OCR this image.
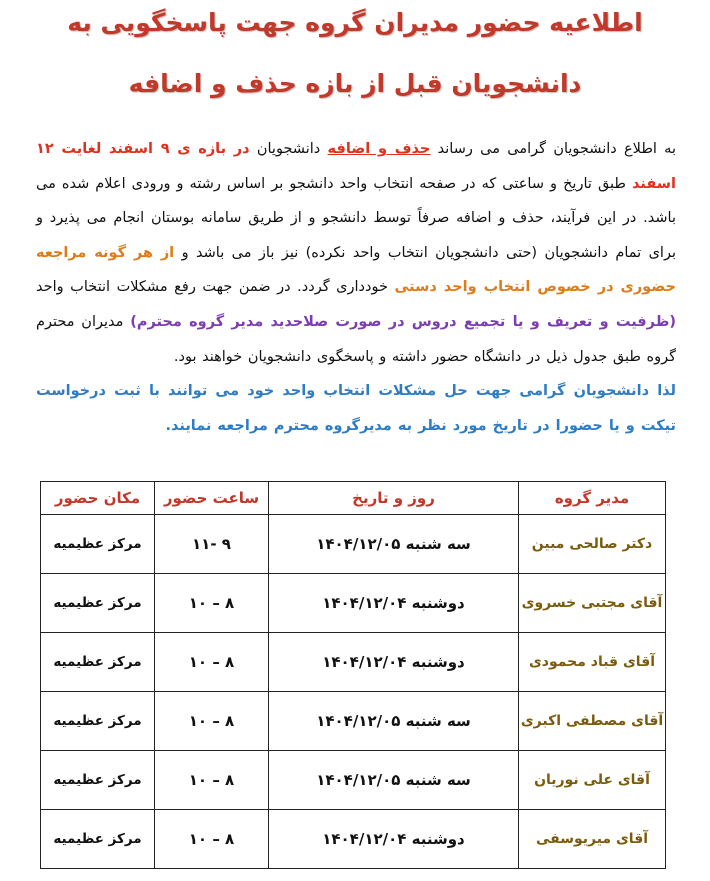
اطلاعیه حضور مدیران گروه جهت پاسخگویی به
دانشجویان قبل از بازه حذف و اضافه
به اطلاع دانشجویان گرامی می رساند حذف و اضافه دانشجویان در بازه ی ۹ اسفند لغایت ۱۲ اسفند طبق تاریخ و ساعتی که در صفحه انتخاب واحد دانشجو بر اساس رشته و ورودی اعلام شده می باشد. در این فرآیند، حذف و اضافه صرفاً توسط دانشجو و از طریق سامانه بوستان انجام می پذیرد و برای تمام دانشجویان (حتی دانشجویان انتخاب واحد نکرده) نیز باز می باشد و از هر گونه مراجعه حضوری در خصوص انتخاب واحد دستی خودداری گردد. در ضمن جهت رفع مشکلات انتخاب واحد (ظرفیت و تعریف و یا تجمیع دروس در صورت صلاحدید مدیر گروه محترم) مدیران محترم گروه طبق جدول ذیل در دانشگاه حضور داشته و پاسخگوی دانشجویان خواهند بود.
لذا دانشجویان گرامی جهت حل مشکلات انتخاب واحد خود می توانند با ثبت درخواست تیکت و یا حضورا در تاریخ مورد نظر به مدیرگروه محترم مراجعه نمایند.
مدیر گروه	روز و تاریخ	ساعت حضور	مکان حضور
دکتر صالحی مبین	سه شنبه ۱۴۰۴/۱۲/۰۵	۹ -۱۱	مرکز عظیمیه
آقای مجتبی خسروی	دوشنبه ۱۴۰۴/۱۲/۰۴	۸ – ۱۰	مرکز عظیمیه
آقای قباد محمودی	دوشنبه ۱۴۰۴/۱۲/۰۴	۸ – ۱۰	مرکز عظیمیه
آقای مصطفی اکبری	سه شنبه ۱۴۰۴/۱۲/۰۵	۸ – ۱۰	مرکز عظیمیه
آقای علی نوریان	سه شنبه ۱۴۰۴/۱۲/۰۵	۸ – ۱۰	مرکز عظیمیه
آقای میریوسفی	دوشنبه ۱۴۰۴/۱۲/۰۴	۸ – ۱۰	مرکز عظیمیه
